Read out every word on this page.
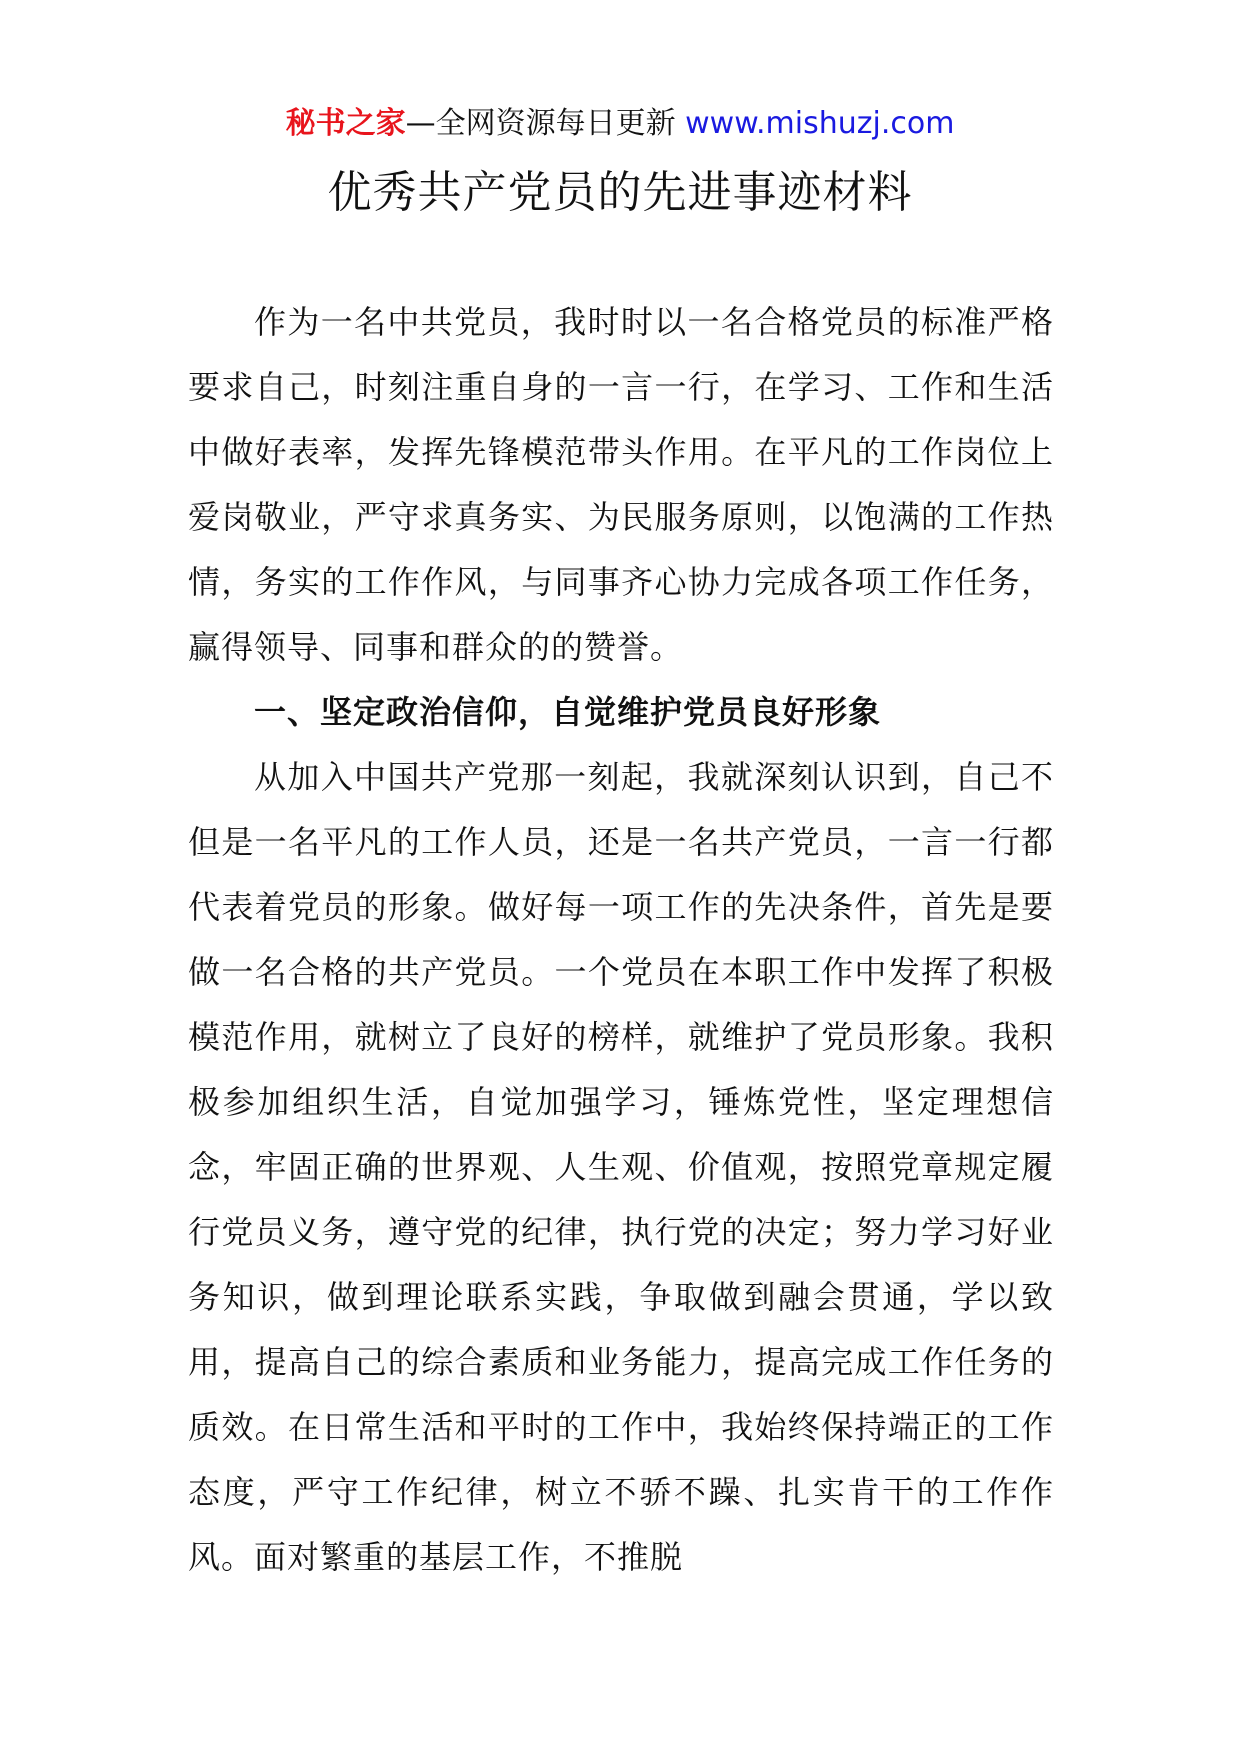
秘书之家—全网资源每日更新 www.mishuzj.com
优秀共产党员的先进事迹材料

作为一名中共党员，我时时以一名合格党员的标准严格要求自己，时刻注重自身的一言一行，在学习、工作和生活中做好表率，发挥先锋模范带头作用。在平凡的工作岗位上爱岗敬业，严守求真务实、为民服务原则，以饱满的工作热情，务实的工作作风，与同事齐心协力完成各项工作任务，赢得领导、同事和群众的的赞誉。

一、坚定政治信仰，自觉维护党员良好形象

从加入中国共产党那一刻起，我就深刻认识到，自己不但是一名平凡的工作人员，还是一名共产党员，一言一行都代表着党员的形象。做好每一项工作的先决条件，首先是要做一名合格的共产党员。一个党员在本职工作中发挥了积极模范作用，就树立了良好的榜样，就维护了党员形象。我积极参加组织生活，自觉加强学习，锤炼党性，坚定理想信念，牢固正确的世界观、人生观、价值观，按照党章规定履行党员义务，遵守党的纪律，执行党的决定；努力学习好业务知识，做到理论联系实践，争取做到融会贯通，学以致用，提高自己的综合素质和业务能力，提高完成工作任务的质效。在日常生活和平时的工作中，我始终保持端正的工作态度，严守工作纪律，树立不骄不躁、扎实肯干的工作作风。面对繁重的基层工作，不推脱
